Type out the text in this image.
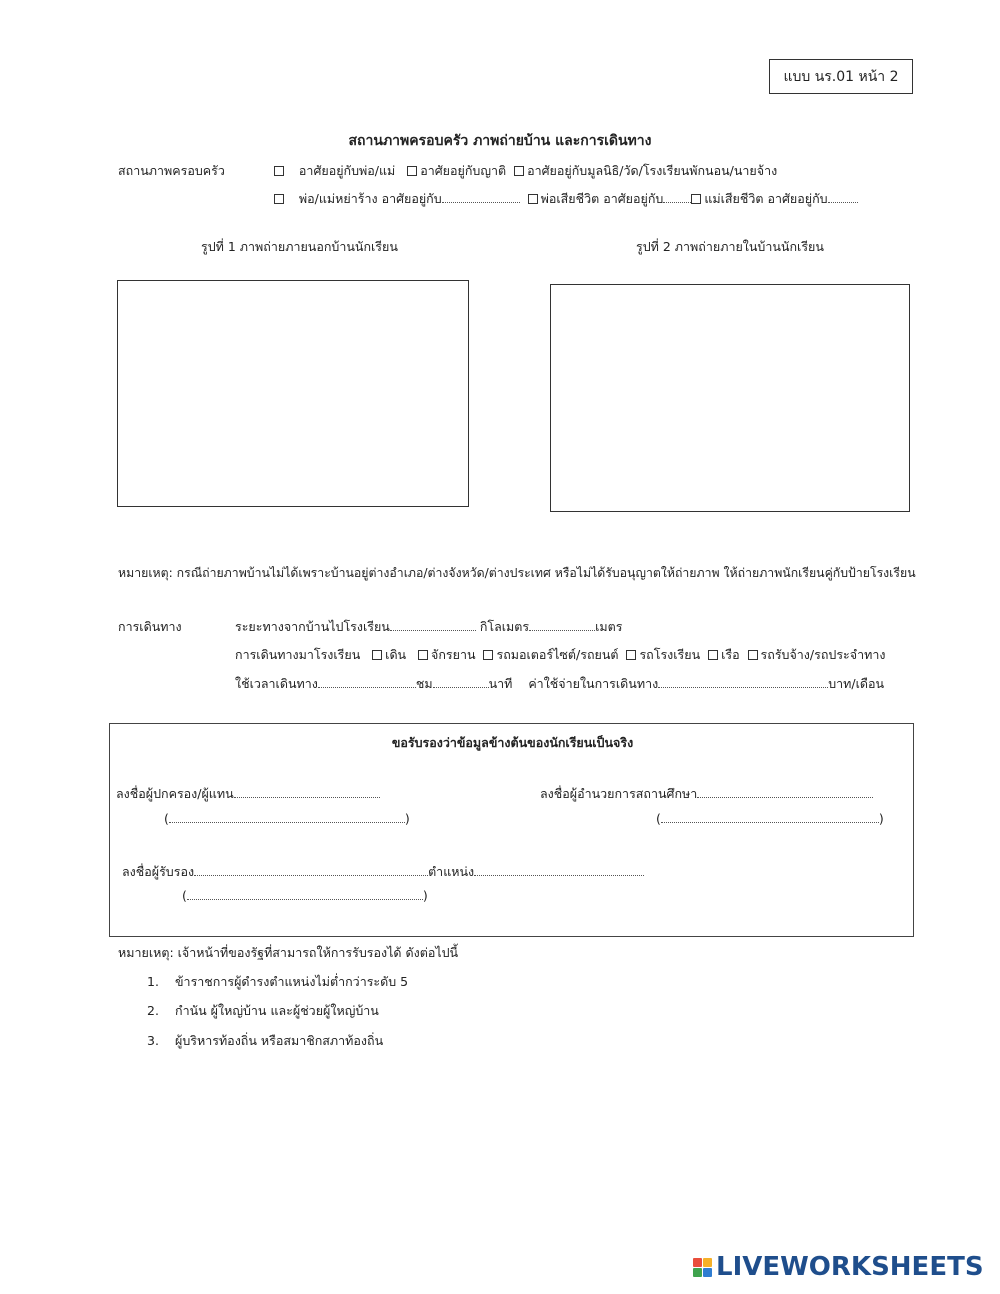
แบบ นร.01 หน้า 2
สถานภาพครอบครัว ภาพถ่ายบ้าน และการเดินทาง
สถานภาพครอบครัว	อาศัยอยู่กับพ่อ/แม่ อาศัยอยู่กับญาติ อาศัยอยู่กับมูลนิธิ/วัด/โรงเรียนพักนอน/นายจ้าง
พ่อ/แม่หย่าร้าง อาศัยอยู่กับ	พ่อเสียชีวิต อาศัยอยู่กับ	แม่เสียชีวิต อาศัยอยู่กับ
รูปที่ 1 ภาพถ่ายภายนอกบ้านนักเรียน	รูปที่ 2 ภาพถ่ายภายในบ้านนักเรียน
หมายเหตุ: กรณีถ่ายภาพบ้านไม่ได้เพราะบ้านอยู่ต่างอำเภอ/ต่างจังหวัด/ต่างประเทศ หรือไม่ได้รับอนุญาตให้ถ่ายภาพ ให้ถ่ายภาพนักเรียนคู่กับป้ายโรงเรียน
การเดินทาง	ระยะทางจากบ้านไปโรงเรียน	กิโลเมตร	เมตร
การเดินทางมาโรงเรียน เดิน จักรยาน รถมอเตอร์ไซต์/รถยนต์ รถโรงเรียน เรือ รถรับจ้าง/รถประจำทาง
ใช้เวลาเดินทาง	ชม	นาที ค่าใช้จ่ายในการเดินทาง	บาท/เดือน
ขอรับรองว่าข้อมูลข้างต้นของนักเรียนเป็นจริง
ลงชื่อผู้ปกครอง/ผู้แทน
(	)
ลงชื่อผู้อำนวยการสถานศึกษา
(	)
ลงชื่อผู้รับรอง	ตำแหน่ง
(	)
หมายเหตุ: เจ้าหน้าที่ของรัฐที่สามารถให้การรับรองได้ ดังต่อไปนี้
1. ข้าราชการผู้ดำรงตำแหน่งไม่ต่ำกว่าระดับ 5
2. กำนัน ผู้ใหญ่บ้าน และผู้ช่วยผู้ใหญ่บ้าน
3. ผู้บริหารท้องถิ่น หรือสมาชิกสภาท้องถิ่น
LIVEWORKSHEETS
